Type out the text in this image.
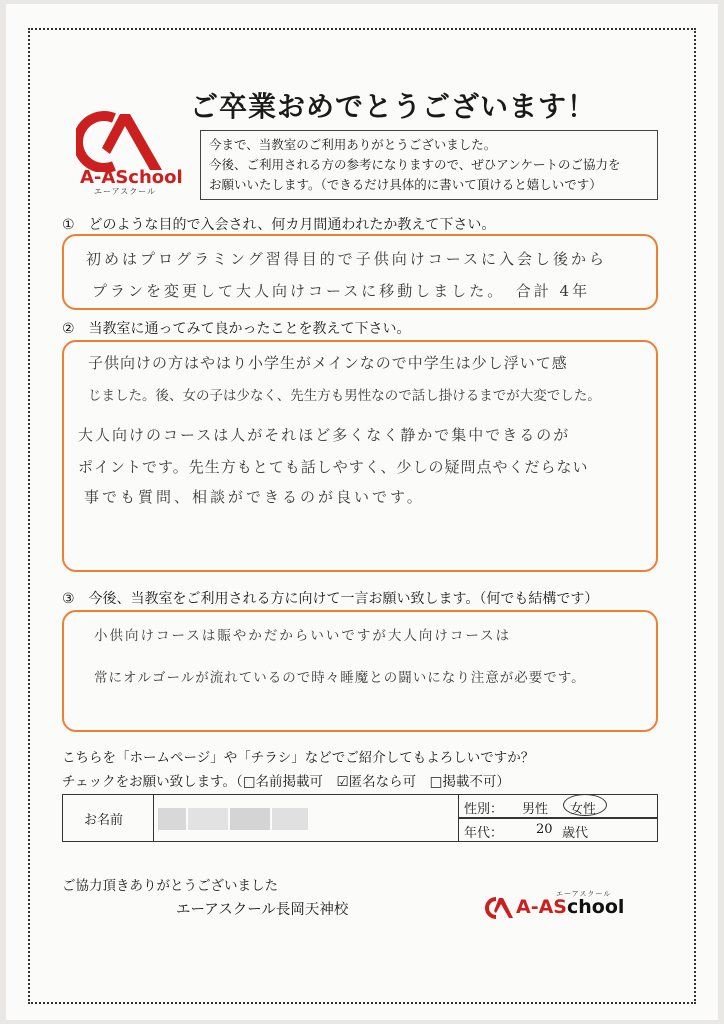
A-ASchool
エーアスクール
ご卒業おめでとうございます！
今まで、当教室のご利用ありがとうございました。
今後、ご利用される方の参考になりますので、ぜひアンケートのご協力を
お願いいたします。（できるだけ具体的に書いて頂けると嬉しいです）
①　どのような目的で入会され、何カ月間通われたか教えて下さい。
初めはプログラミング習得目的で子供向けコースに入会し後から
プランを変更して大人向けコースに移動しました。　合計 4年
②　当教室に通ってみて良かったことを教えて下さい。
子供向けの方はやはり小学生がメインなので中学生は少し浮いて感
じました。後、女の子は少なく、先生方も男性なので話し掛けるまでが大変でした。
大人向けのコースは人がそれほど多くなく静かで集中できるのが
ポイントです。先生方もとても話しやすく、少しの疑問点やくだらない
事でも質問、相談ができるのが良いです。
③　今後、当教室をご利用される方に向けて一言お願い致します。（何でも結構です）
小供向けコースは賑やかだからいいですが大人向けコースは
常にオルゴールが流れているので時々睡魔との闘いになり注意が必要です。
こちらを「ホームページ」や「チラシ」などでご紹介してもよろしいですか？
チェックをお願い致します。（□名前掲載可　 ☑匿名なら可　 □掲載不可）
お名前
性別： 男性 女性
年代：	20 歳代
ご協力頂きありがとうございました
エーアスクール長岡天神校	A-ASchool
エーアスクール
